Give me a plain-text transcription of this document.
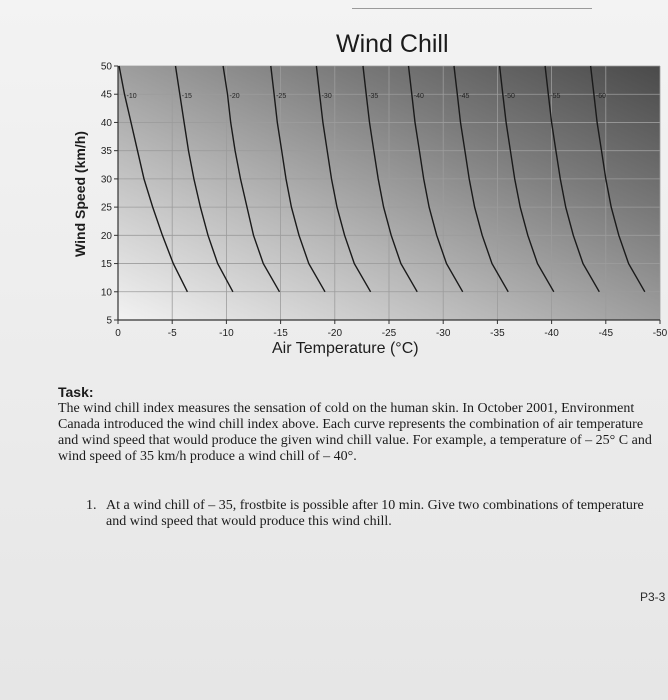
Wind Chill
-10	-15	-20	-25	-30	-35	-40	-45	-50	-55	-60
5
10
15
20
25
30
35
40
45
50
0	-5	-10	-15	-20	-25	-30	-35	-40	-45	-50
Wind Speed (km/h)
Air Temperature (°C)
Task:
The wind chill index measures the sensation of cold on the human skin. In October 2001, Environment Canada introduced the wind chill index above. Each curve represents the combination of air temperature and wind speed that would produce the given wind chill value. For example, a temperature of – 25° C and wind speed of 35 km/h produce a wind chill of – 40°.
1. At a wind chill of – 35, frostbite is possible after 10 min. Give two combinations of temperature and wind speed that would produce this wind chill.
P3-3
